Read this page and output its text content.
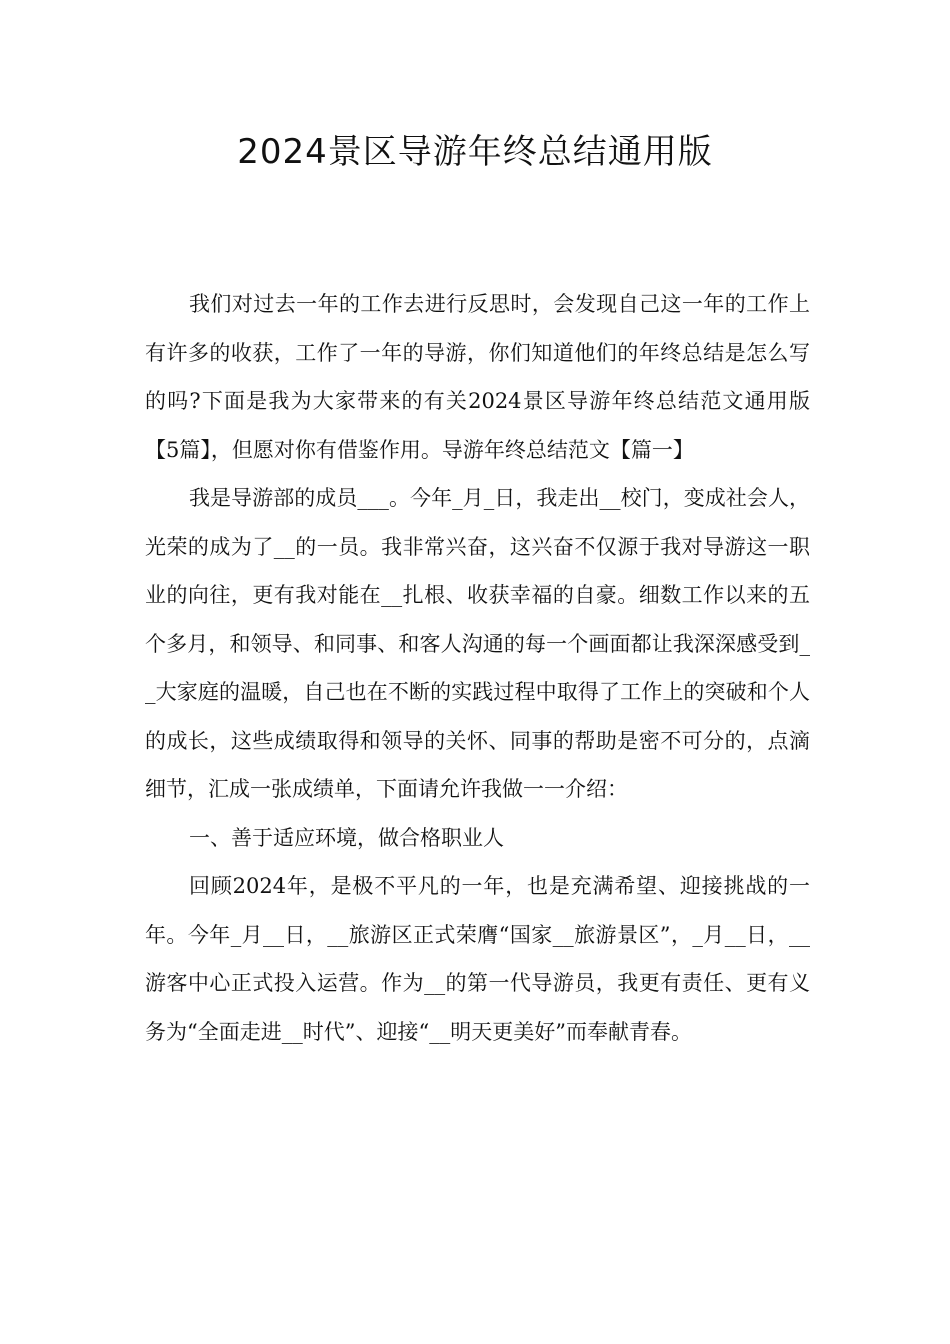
2024景区导游年终总结通用版

我们对过去一年的工作去进行反思时，会发现自己这一年的工作上有许多的收获，工作了一年的导游，你们知道他们的年终总结是怎么写的吗?下面是我为大家带来的有关2024景区导游年终总结范文通用版【5篇】，但愿对你有借鉴作用。导游年终总结范文【篇一】

我是导游部的成员___。今年_月_日，我走出__校门，变成社会人，光荣的成为了__的一员。我非常兴奋，这兴奋不仅源于我对导游这一职业的向往，更有我对能在__扎根、收获幸福的自豪。细数工作以来的五个多月，和领导、和同事、和客人沟通的每一个画面都让我深深感受到__大家庭的温暖，自己也在不断的实践过程中取得了工作上的突破和个人的成长，这些成绩取得和领导的关怀、同事的帮助是密不可分的，点滴细节，汇成一张成绩单，下面请允许我做一一介绍：

一、善于适应环境，做合格职业人

回顾2024年，是极不平凡的一年，也是充满希望、迎接挑战的一年。今年_月__日，__旅游区正式荣膺“国家__旅游景区”，_月__日，__游客中心正式投入运营。作为__的第一代导游员，我更有责任、更有义务为“全面走进__时代”、迎接“__明天更美好”而奉献青春。
